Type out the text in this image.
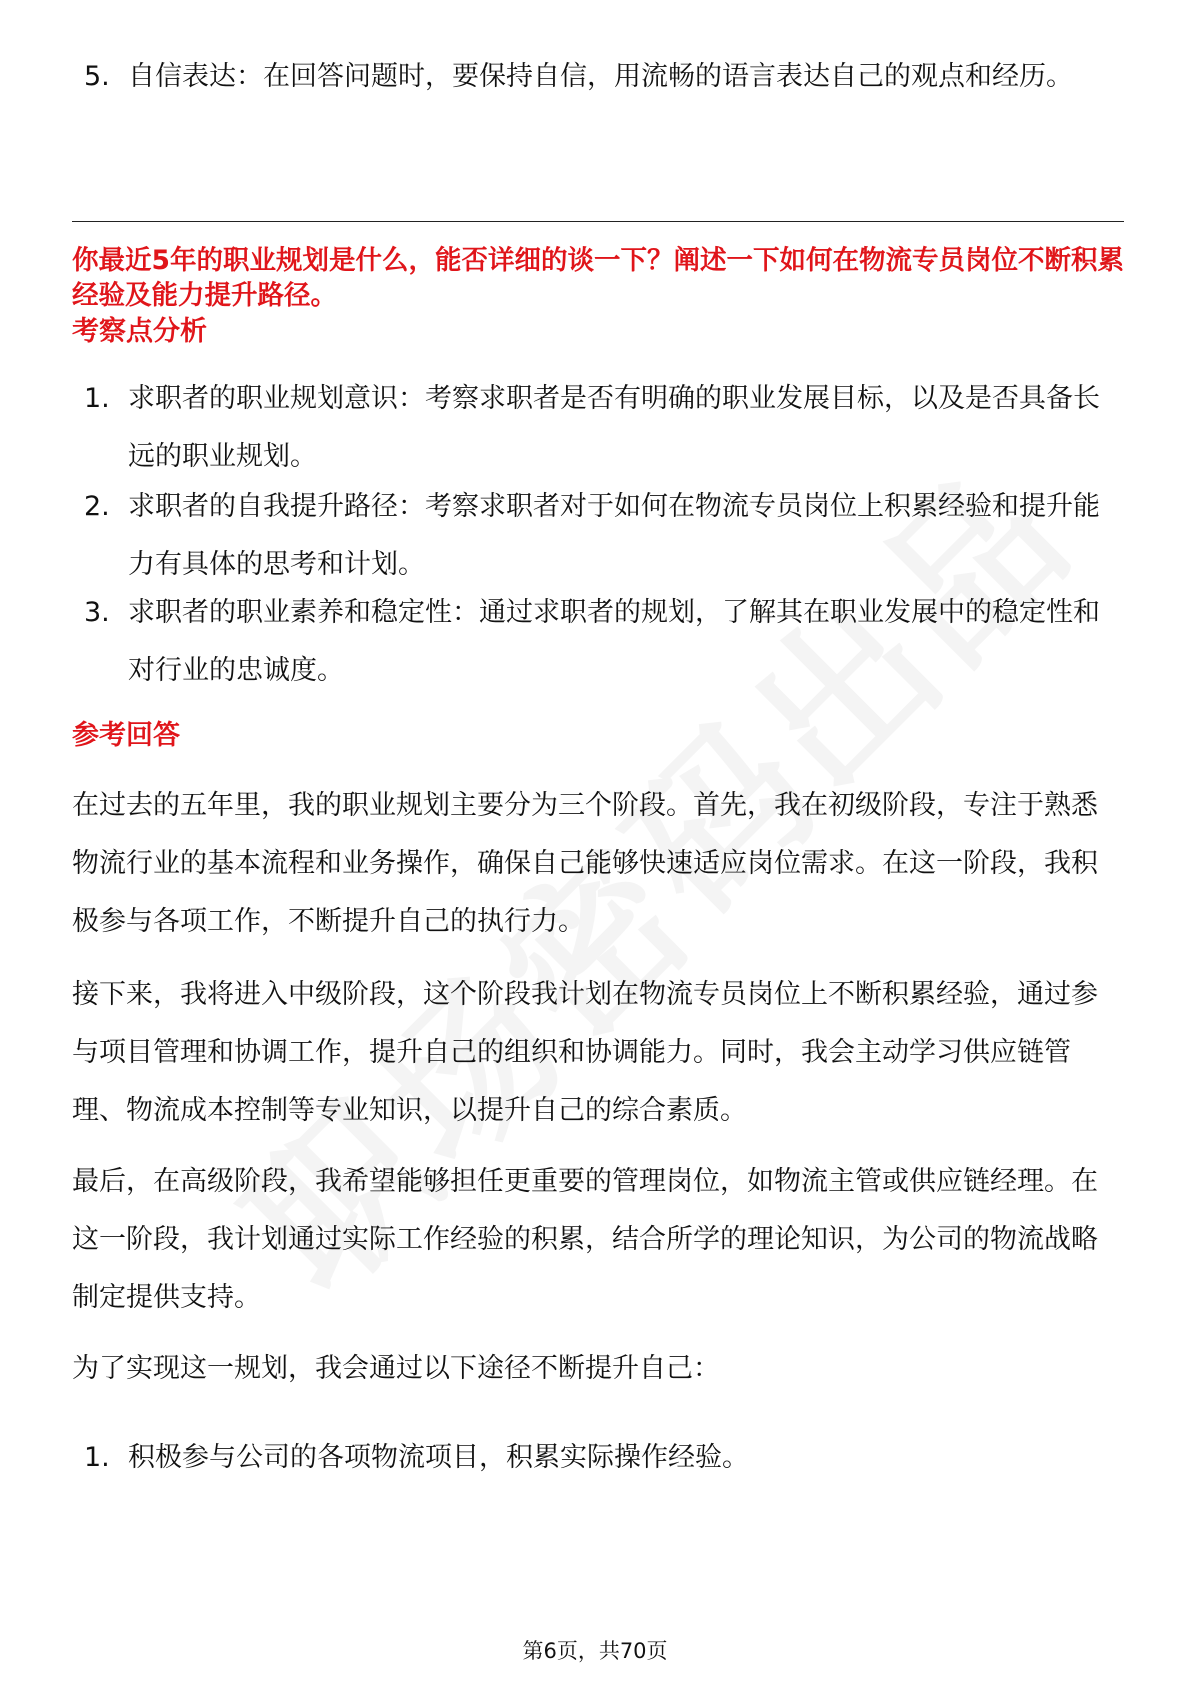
5. 自信表达：在回答问题时，要保持自信，用流畅的语言表达自己的观点和经历。
你最近5年的职业规划是什么，能否详细的谈一下？阐述一下如何在物流专员岗位不断积累经验及能力提升路径。
考察点分析
1. 求职者的职业规划意识：考察求职者是否有明确的职业发展目标，以及是否具备长远的职业规划。
2. 求职者的自我提升路径：考察求职者对于如何在物流专员岗位上积累经验和提升能力有具体的思考和计划。
3. 求职者的职业素养和稳定性：通过求职者的规划，了解其在职业发展中的稳定性和对行业的忠诚度。
参考回答
在过去的五年里，我的职业规划主要分为三个阶段。首先，我在初级阶段，专注于熟悉物流行业的基本流程和业务操作，确保自己能够快速适应岗位需求。在这一阶段，我积极参与各项工作，不断提升自己的执行力。
接下来，我将进入中级阶段，这个阶段我计划在物流专员岗位上不断积累经验，通过参与项目管理和协调工作，提升自己的组织和协调能力。同时，我会主动学习供应链管理、物流成本控制等专业知识，以提升自己的综合素质。
最后，在高级阶段，我希望能够担任更重要的管理岗位，如物流主管或供应链经理。在这一阶段，我计划通过实际工作经验的积累，结合所学的理论知识，为公司的物流战略制定提供支持。
为了实现这一规划，我会通过以下途径不断提升自己：
1. 积极参与公司的各项物流项目，积累实际操作经验。
第6页，共70页
